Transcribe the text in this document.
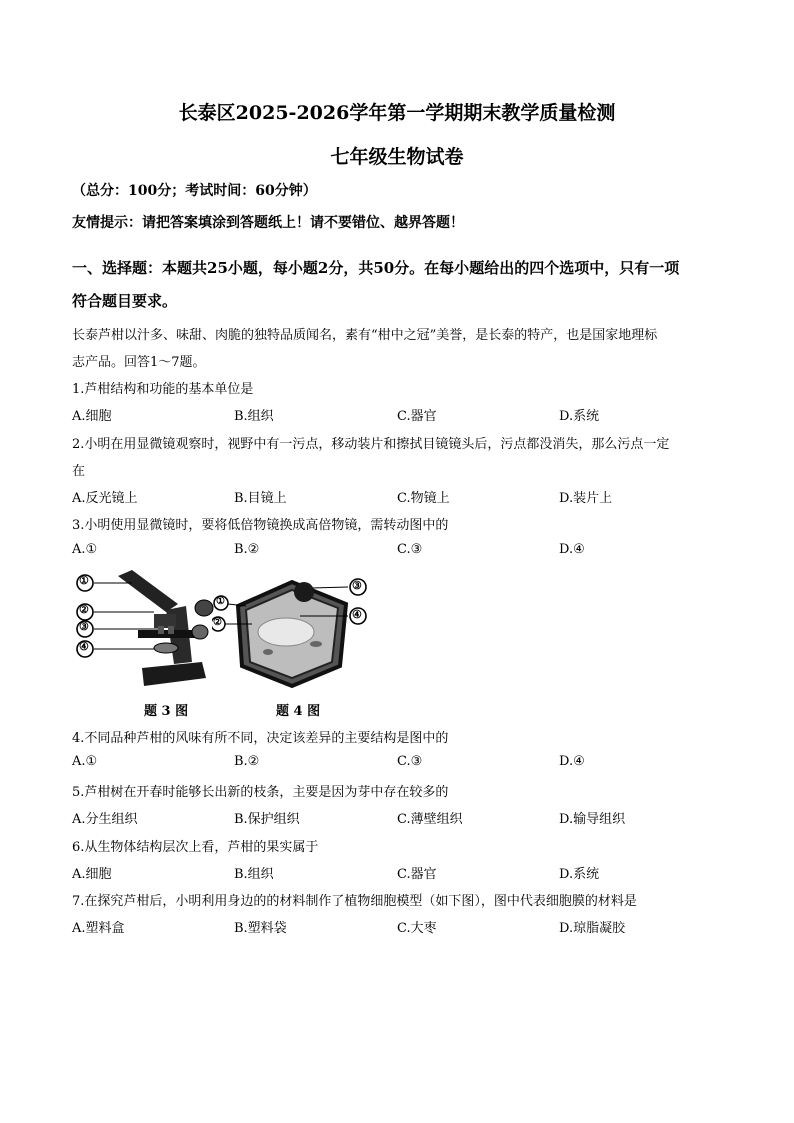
长泰区2025-2026学年第一学期期末教学质量检测
七年级生物试卷
（总分：100分；考试时间：60分钟）
友情提示：请把答案填涂到答题纸上！请不要错位、越界答题！
一、选择题：本题共25小题，每小题2分，共50分。在每小题给出的四个选项中，只有一项
符合题目要求。
长泰芦柑以汁多、味甜、肉脆的独特品质闻名，素有“柑中之冠”美誉，是长泰的特产，也是国家地理标
志产品。回答1～7题。
1.芦柑结构和功能的基本单位是
A.细胞	B.组织	C.器官	D.系统
2.小明在用显微镜观察时，视野中有一污点，移动装片和擦拭目镜镜头后，污点都没消失，那么污点一定
在
A.反光镜上	B.目镜上	C.物镜上	D.装片上
3.小明使用显微镜时，要将低倍物镜换成高倍物镜，需转动图中的
A.①	B.②	C.③	D.④
①
②
③
④
①
②
③
④
题 3 图	题 4 图
4.不同品种芦柑的风味有所不同，决定该差异的主要结构是图中的
A.①	B.②	C.③	D.④
5.芦柑树在开春时能够长出新的枝条，主要是因为芽中存在较多的
A.分生组织	B.保护组织	C.薄壁组织	D.输导组织
6.从生物体结构层次上看，芦柑的果实属于
A.细胞	B.组织	C.器官	D.系统
7.在探究芦柑后，小明利用身边的的材料制作了植物细胞模型（如下图），图中代表细胞膜的材料是
A.塑料盒	B.塑料袋	C.大枣	D.琼脂凝胶
